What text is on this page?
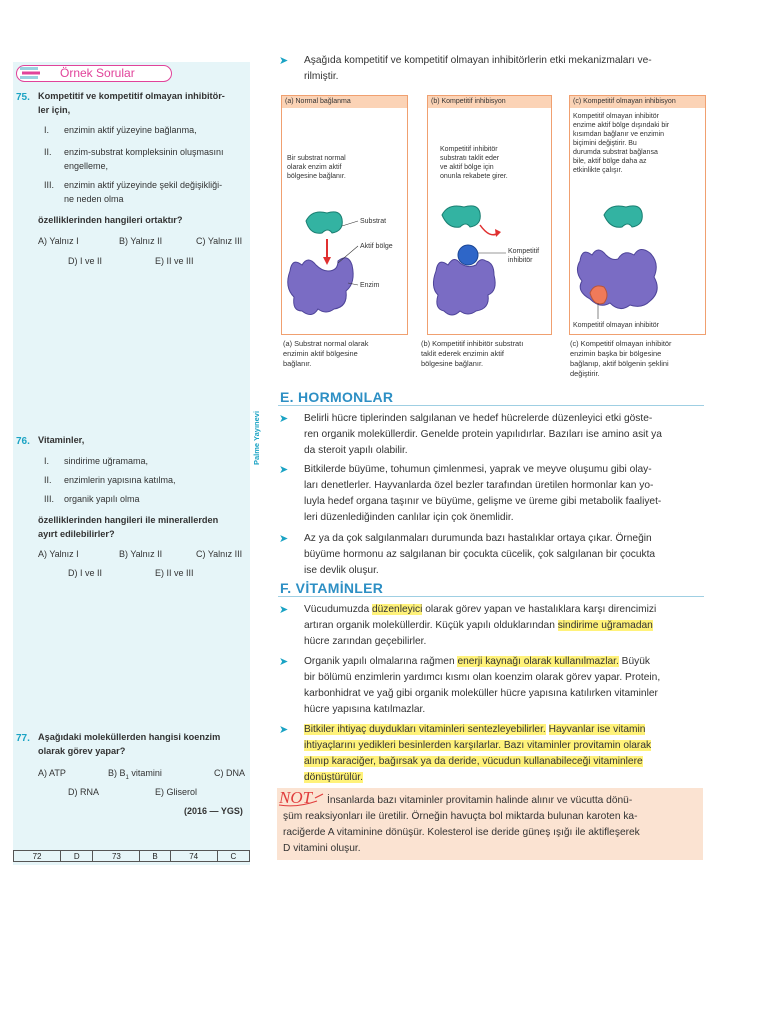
Örnek Sorular
75. Kompetitif ve kompetitif olmayan inhibitör-
ler için,
I. enzimin aktif yüzeyine bağlanma,
II. enzim-substrat kompleksinin oluşmasını
engelleme,
III. enzimin aktif yüzeyinde şekil değişikliği-
ne neden olma
özelliklerinden hangileri ortaktır?
A) Yalnız I	B) Yalnız II	C) Yalnız III
D) I ve II	E) II ve III
76. Vitaminler,
I. sindirime uğramama,
II. enzimlerin yapısına katılma,
III. organik yapılı olma
özelliklerinden hangileri ile minerallerden
ayırt edilebilirler?
A) Yalnız I	B) Yalnız II	C) Yalnız III
D) I ve II	E) II ve III
77. Aşağıdaki moleküllerden hangisi koenzim
olarak görev yapar?
A) ATP	B) $B_1$ vitamini	C) DNA
D) RNA	E) Gliserol
(2016 — YGS)
72	D	73	B	74	C
Palme Yayınevi
➤ Aşağıda kompetitif ve kompetitif olmayan inhibitörlerin etki mekanizmaları ve-
rilmiştir.
(a) Normal bağlanma
Bir substrat normal
olarak enzim aktif
bölgesine bağlanır.
Substrat
Aktif bölge
Enzim
(a) Substrat normal olarak
enzimin aktif bölgesine
bağlanır.
(b) Kompetitif inhibisyon
Kompetitif inhibitör
substratı taklit eder
ve aktif bölge için
onunla rekabete girer.
Kompetitif
inhibitör
(b) Kompetitif inhibitör substratı
taklit ederek enzimin aktif
bölgesine bağlanır.
(c) Kompetitif olmayan inhibisyon
Kompetitif olmayan inhibitör
enzime aktif bölge dışındaki bir
kısımdan bağlanır ve enzimin
biçimini değiştirir. Bu
durumda substrat bağlansa
bile, aktif bölge daha az
etkinlikte çalışır.
Kompetitif olmayan inhibitör
(c) Kompetitif olmayan inhibitör
enzimin başka bir bölgesine
bağlanıp, aktif bölgenin şeklini
değiştirir.
E. HORMONLAR
➤ Belirli hücre tiplerinden salgılanan ve hedef hücrelerde düzenleyici etki göste-
ren organik moleküllerdir. Genelde protein yapılıdırlar. Bazıları ise amino asit ya
da steroit yapılı olabilir.
➤ Bitkilerde büyüme, tohumun çimlenmesi, yaprak ve meyve oluşumu gibi olay-
ları denetlerler. Hayvanlarda özel bezler tarafından üretilen hormonlar kan yo-
luyla hedef organa taşınır ve büyüme, gelişme ve üreme gibi metabolik faaliyet-
leri düzenlediğinden canlılar için çok önemlidir.
➤ Az ya da çok salgılanmaları durumunda bazı hastalıklar ortaya çıkar. Örneğin
büyüme hormonu az salgılanan bir çocukta cücelik, çok salgılanan bir çocukta
ise devlik oluşur.
F. VİTAMİNLER
➤ Vücudumuzda düzenleyici olarak görev yapan ve hastalıklara karşı direncimizi
artıran organik moleküllerdir. Küçük yapılı olduklarından sindirime uğramadan
hücre zarından geçebilirler.
➤ Organik yapılı olmalarına rağmen enerji kaynağı olarak kullanılmazlar. Büyük
bir bölümü enzimlerin yardımcı kısmı olan koenzim olarak görev yapar. Protein,
karbonhidrat ve yağ gibi organik moleküller hücre yapısına katılırken vitaminler
hücre yapısına katılmazlar.
➤ Bitkiler ihtiyaç duydukları vitaminleri sentezleyebilirler. Hayvanlar ise vitamin
ihtiyaçlarını yedikleri besinlerden karşılarlar. Bazı vitaminler provitamin olarak
alınıp karaciğer, bağırsak ya da deride, vücudun kullanabileceği vitaminlere
dönüştürülür.
NOT İnsanlarda bazı vitaminler provitamin halinde alınır ve vücutta dönü-
şüm reaksiyonları ile üretilir. Örneğin havuçta bol miktarda bulunan karoten ka-
raciğerde A vitaminine dönüşür. Kolesterol ise deride güneş ışığı ile aktifleşerek
D vitamini oluşur.
